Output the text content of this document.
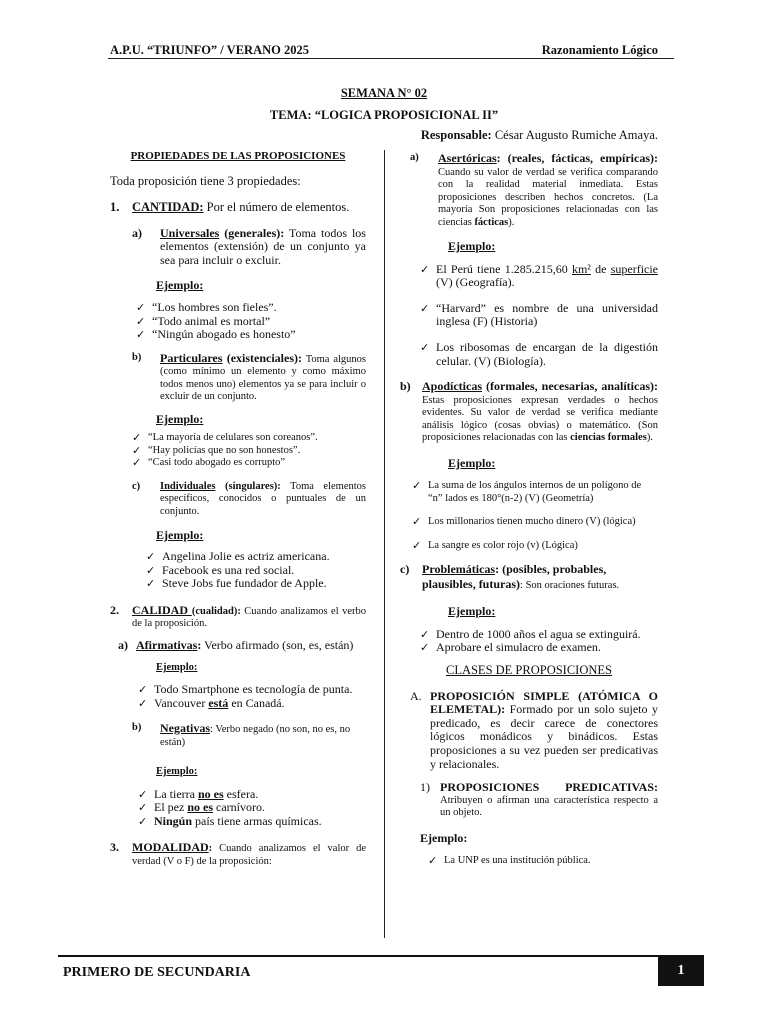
A.P.U. “TRIUNFO” / VERANO 2025	Razonamiento Lógico
SEMANA N° 02
TEMA: “LOGICA PROPOSICIONAL II”
Responsable: César Augusto Rumiche Amaya.

PROPIEDADES DE LAS PROPOSICIONES

Toda proposición tiene 3 propiedades:

1.	CANTIDAD: Por el número de elementos.

a)	Universales (generales): Toma todos los elementos (extensión) de un conjunto ya sea para incluir o excluir.

Ejemplo:

✓ “Los hombres son fieles”.

✓ “Todo animal es mortal”

✓ “Ningún abogado es honesto”

b)	Particulares (existenciales): Toma algunos (como mínimo un elemento y como máximo todos menos uno) elementos ya se para incluir o excluir de un conjunto.

Ejemplo:

✓ “La mayoría de celulares son coreanos”.

✓ “Hay policías que no son honestos”.

✓ “Casi todo abogado es corrupto”

c)	Individuales (singulares): Toma elementos específicos, conocidos o puntuales de un conjunto.

Ejemplo:

✓ Angelina Jolie es actriz americana.

✓ Facebook es una red social.

✓ Steve Jobs fue fundador de Apple.

2.	CALIDAD (cualidad): Cuando analizamos el verbo de la proposición.

a) Afirmativas: Verbo afirmado (son, es, están)

Ejemplo:

✓ Todo Smartphone es tecnología de punta.

✓ Vancouver está en Canadá.

b)	Negativas: Verbo negado (no son, no es, no están)

Ejemplo:

✓ La tierra no es esfera.

✓ El pez no es carnívoro.

✓ Ningún país tiene armas químicas.

3.	MODALIDAD: Cuando analizamos el valor de verdad (V o F) de la proposición:

a)	Asertóricas: (reales, fácticas, empíricas): Cuando su valor de verdad se verifica comparando con la realidad material inmediata. Estas proposiciones describen hechos concretos. (La mayoría Son proposiciones relacionadas con las ciencias fácticas).

Ejemplo:

✓ El Perú tiene 1.285.215,60 km² de superficie (V) (Geografía).

✓ “Harvard” es nombre de una universidad inglesa (F) (Historia)

✓ Los ribosomas de encargan de la digestión celular. (V) (Biología).

b) Apodícticas (formales, necesarias, analíticas): Estas proposiciones expresan verdades o hechos evidentes. Su valor de verdad se verifica mediante análisis lógico (cosas obvias) o matemático. (Son proposiciones relacionadas con las ciencias formales).

Ejemplo:

✓ La suma de los ángulos internos de un polígono de “n” lados es 180°(n-2) (V) (Geometría)

✓ Los millonarios tienen mucho dinero (V) (lógica)

✓ La sangre es color rojo (v) (Lógica)

c)	Problemáticas: (posibles, probables, plausibles, futuras): Son oraciones futuras.

Ejemplo:

✓ Dentro de 1000 años el agua se extinguirá.

✓ Aprobare el simulacro de examen.

CLASES DE PROPOSICIONES

A. PROPOSICIÓN SIMPLE (ATÓMICA O ELEMETAL): Formado por un solo sujeto y predicado, es decir carece de conectores lógicos monádicos y binádicos. Estas proposiciones a su vez pueden ser predicativas y relacionales.

1) PROPOSICIONES PREDICATIVAS:
Atribuyen o afirman una característica respecto a un objeto.

Ejemplo:

✓ La UNP es una institución pública.

PRIMERO DE SECUNDARIA	1
